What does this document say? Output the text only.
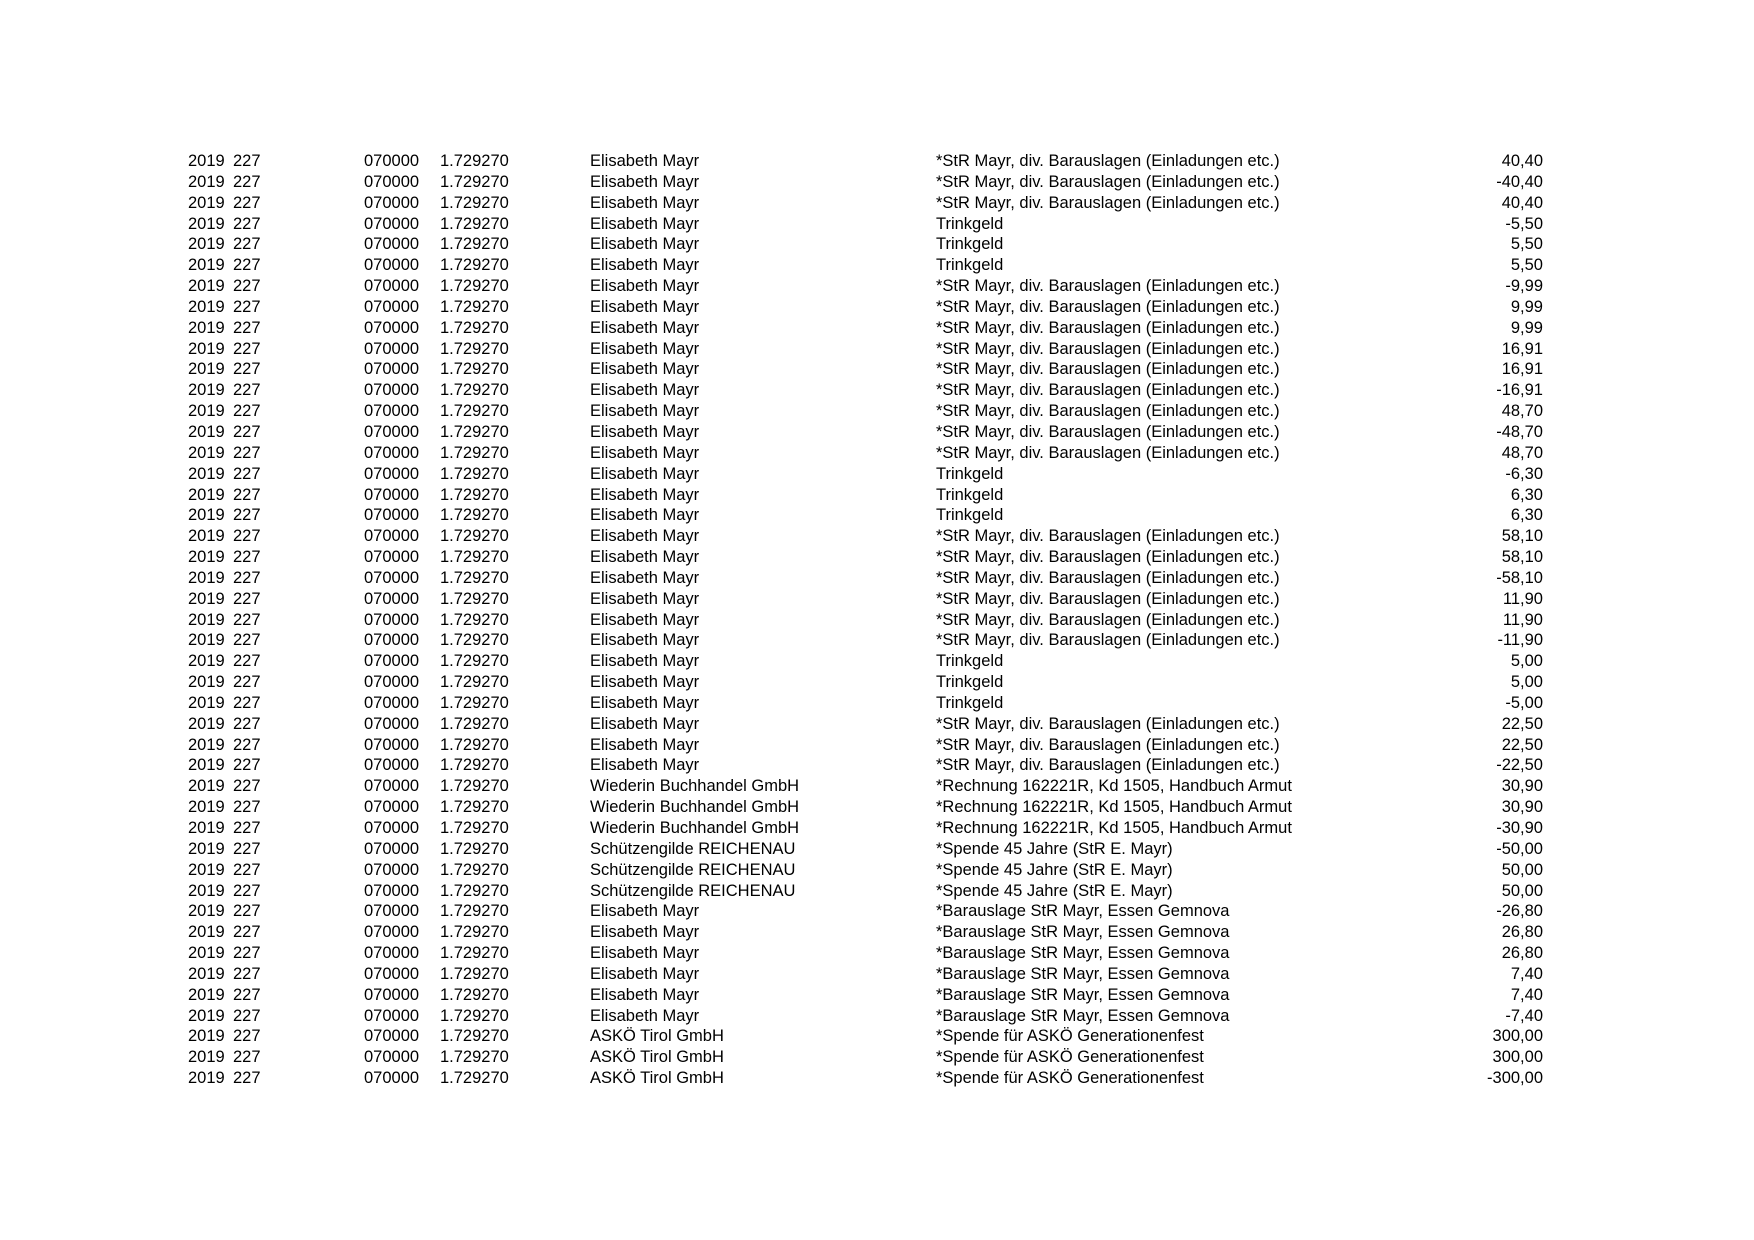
2019 227	070000 1.729270	Elisabeth Mayr	*StR Mayr, div. Barauslagen (Einladungen etc.)	40,40
2019 227	070000 1.729270	Elisabeth Mayr	*StR Mayr, div. Barauslagen (Einladungen etc.)	-40,40
2019 227	070000 1.729270	Elisabeth Mayr	*StR Mayr, div. Barauslagen (Einladungen etc.)	40,40
2019 227	070000 1.729270	Elisabeth Mayr	Trinkgeld	-5,50
2019 227	070000 1.729270	Elisabeth Mayr	Trinkgeld	5,50
2019 227	070000 1.729270	Elisabeth Mayr	Trinkgeld	5,50
2019 227	070000 1.729270	Elisabeth Mayr	*StR Mayr, div. Barauslagen (Einladungen etc.)	-9,99
2019 227	070000 1.729270	Elisabeth Mayr	*StR Mayr, div. Barauslagen (Einladungen etc.)	9,99
2019 227	070000 1.729270	Elisabeth Mayr	*StR Mayr, div. Barauslagen (Einladungen etc.)	9,99
2019 227	070000 1.729270	Elisabeth Mayr	*StR Mayr, div. Barauslagen (Einladungen etc.)	16,91
2019 227	070000 1.729270	Elisabeth Mayr	*StR Mayr, div. Barauslagen (Einladungen etc.)	16,91
2019 227	070000 1.729270	Elisabeth Mayr	*StR Mayr, div. Barauslagen (Einladungen etc.)	-16,91
2019 227	070000 1.729270	Elisabeth Mayr	*StR Mayr, div. Barauslagen (Einladungen etc.)	48,70
2019 227	070000 1.729270	Elisabeth Mayr	*StR Mayr, div. Barauslagen (Einladungen etc.)	-48,70
2019 227	070000 1.729270	Elisabeth Mayr	*StR Mayr, div. Barauslagen (Einladungen etc.)	48,70
2019 227	070000 1.729270	Elisabeth Mayr	Trinkgeld	-6,30
2019 227	070000 1.729270	Elisabeth Mayr	Trinkgeld	6,30
2019 227	070000 1.729270	Elisabeth Mayr	Trinkgeld	6,30
2019 227	070000 1.729270	Elisabeth Mayr	*StR Mayr, div. Barauslagen (Einladungen etc.)	58,10
2019 227	070000 1.729270	Elisabeth Mayr	*StR Mayr, div. Barauslagen (Einladungen etc.)	58,10
2019 227	070000 1.729270	Elisabeth Mayr	*StR Mayr, div. Barauslagen (Einladungen etc.)	-58,10
2019 227	070000 1.729270	Elisabeth Mayr	*StR Mayr, div. Barauslagen (Einladungen etc.)	11,90
2019 227	070000 1.729270	Elisabeth Mayr	*StR Mayr, div. Barauslagen (Einladungen etc.)	11,90
2019 227	070000 1.729270	Elisabeth Mayr	*StR Mayr, div. Barauslagen (Einladungen etc.)	-11,90
2019 227	070000 1.729270	Elisabeth Mayr	Trinkgeld	5,00
2019 227	070000 1.729270	Elisabeth Mayr	Trinkgeld	5,00
2019 227	070000 1.729270	Elisabeth Mayr	Trinkgeld	-5,00
2019 227	070000 1.729270	Elisabeth Mayr	*StR Mayr, div. Barauslagen (Einladungen etc.)	22,50
2019 227	070000 1.729270	Elisabeth Mayr	*StR Mayr, div. Barauslagen (Einladungen etc.)	22,50
2019 227	070000 1.729270	Elisabeth Mayr	*StR Mayr, div. Barauslagen (Einladungen etc.)	-22,50
2019 227	070000 1.729270	Wiederin Buchhandel GmbH	*Rechnung 162221R, Kd 1505, Handbuch Armut	30,90
2019 227	070000 1.729270	Wiederin Buchhandel GmbH	*Rechnung 162221R, Kd 1505, Handbuch Armut	30,90
2019 227	070000 1.729270	Wiederin Buchhandel GmbH	*Rechnung 162221R, Kd 1505, Handbuch Armut	-30,90
2019 227	070000 1.729270	Schützengilde REICHENAU	*Spende 45 Jahre (StR E. Mayr)	-50,00
2019 227	070000 1.729270	Schützengilde REICHENAU	*Spende 45 Jahre (StR E. Mayr)	50,00
2019 227	070000 1.729270	Schützengilde REICHENAU	*Spende 45 Jahre (StR E. Mayr)	50,00
2019 227	070000 1.729270	Elisabeth Mayr	*Barauslage StR Mayr, Essen Gemnova	-26,80
2019 227	070000 1.729270	Elisabeth Mayr	*Barauslage StR Mayr, Essen Gemnova	26,80
2019 227	070000 1.729270	Elisabeth Mayr	*Barauslage StR Mayr, Essen Gemnova	26,80
2019 227	070000 1.729270	Elisabeth Mayr	*Barauslage StR Mayr, Essen Gemnova	7,40
2019 227	070000 1.729270	Elisabeth Mayr	*Barauslage StR Mayr, Essen Gemnova	7,40
2019 227	070000 1.729270	Elisabeth Mayr	*Barauslage StR Mayr, Essen Gemnova	-7,40
2019 227	070000 1.729270	ASKÖ Tirol GmbH	*Spende für ASKÖ Generationenfest	300,00
2019 227	070000 1.729270	ASKÖ Tirol GmbH	*Spende für ASKÖ Generationenfest	300,00
2019 227	070000 1.729270	ASKÖ Tirol GmbH	*Spende für ASKÖ Generationenfest	-300,00
